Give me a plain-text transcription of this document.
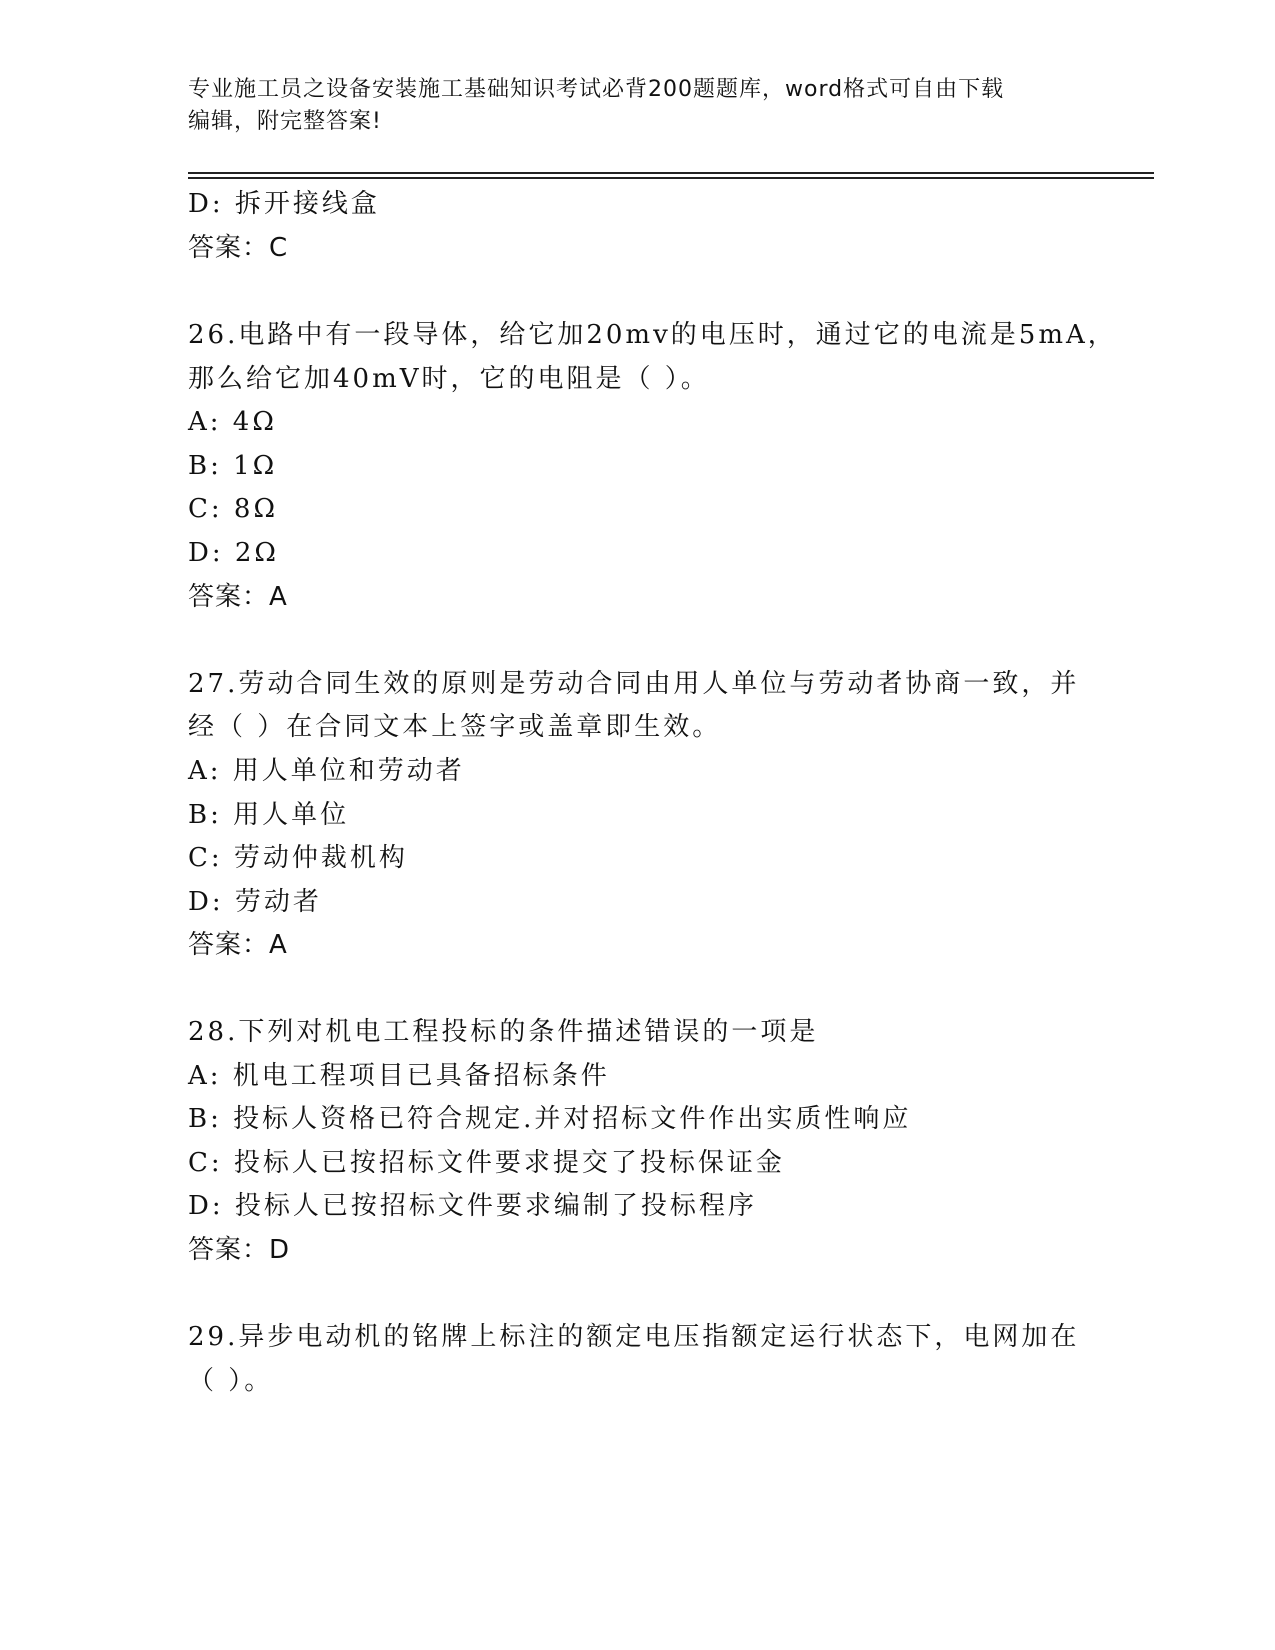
专业施工员之设备安装施工基础知识考试必背200题题库，word格式可自由下载
编辑，附完整答案!
D: 拆开接线盒
答案：C
26.电路中有一段导体，给它加20mv的电压时，通过它的电流是5mA，
那么给它加40mV时，它的电阻是（ ）。
A: 4Ω
B: 1Ω
C: 8Ω
D: 2Ω
答案：A
27.劳动合同生效的原则是劳动合同由用人单位与劳动者协商一致，并
经（ ）在合同文本上签字或盖章即生效。
A: 用人单位和劳动者
B: 用人单位
C: 劳动仲裁机构
D: 劳动者
答案：A
28.下列对机电工程投标的条件描述错误的一项是
A: 机电工程项目已具备招标条件
B: 投标人资格已符合规定.并对招标文件作出实质性响应
C: 投标人已按招标文件要求提交了投标保证金
D: 投标人已按招标文件要求编制了投标程序
答案：D
29.异步电动机的铭牌上标注的额定电压指额定运行状态下，电网加在
（ ）。
